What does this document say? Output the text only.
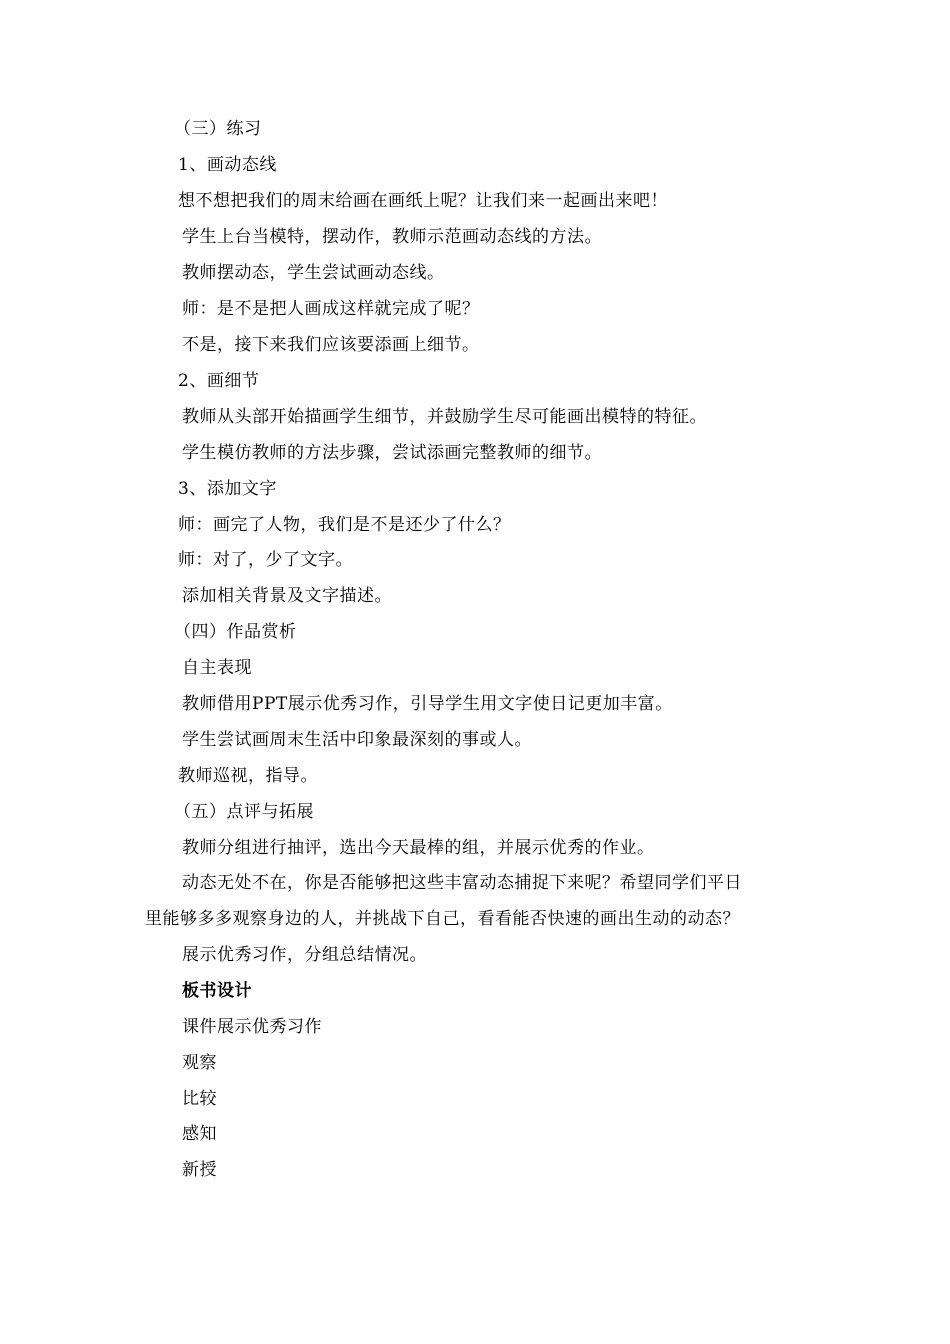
（三）练习
1、画动态线
想不想把我们的周末给画在画纸上呢？让我们来一起画出来吧！
学生上台当模特，摆动作，教师示范画动态线的方法。
教师摆动态，学生尝试画动态线。
师：是不是把人画成这样就完成了呢？
不是，接下来我们应该要添画上细节。
2、画细节
教师从头部开始描画学生细节，并鼓励学生尽可能画出模特的特征。
学生模仿教师的方法步骤，尝试添画完整教师的细节。
3、添加文字
师：画完了人物，我们是不是还少了什么？
师：对了，少了文字。
添加相关背景及文字描述。
（四）作品赏析
自主表现
教师借用PPT展示优秀习作，引导学生用文字使日记更加丰富。
学生尝试画周末生活中印象最深刻的事或人。
教师巡视，指导。
（五）点评与拓展
教师分组进行抽评，选出今天最棒的组，并展示优秀的作业。
动态无处不在，你是否能够把这些丰富动态捕捉下来呢？希望同学们平日
里能够多多观察身边的人，并挑战下自己，看看能否快速的画出生动的动态？
展示优秀习作，分组总结情况。
板书设计
课件展示优秀习作
观察
比较
感知
新授
